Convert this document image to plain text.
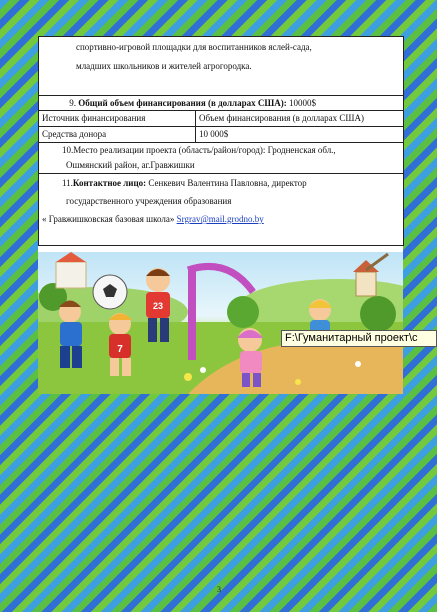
спортивно-игровой площадки для воспитанников яслей-сада,
младших школьников и жителей агрогородка.	

9. Общий объем финансирования (в долларах США): 10000$	
Источник финансирования	Объем финансирования (в долларах США)
Средства донора	10 000$

10.Место реализации проекта (область/район/город): Гродненская обл.,
Ошмянский район, аг.Гравжишки	

11.Контактное лицо: Сенкевич Валентина Павловна, директор
государственного учреждения образования
« Гравжишковская базовая школа» Srgrav@mail.grodno.by	
7
23
F:\Гуманитарный проект\с
3
